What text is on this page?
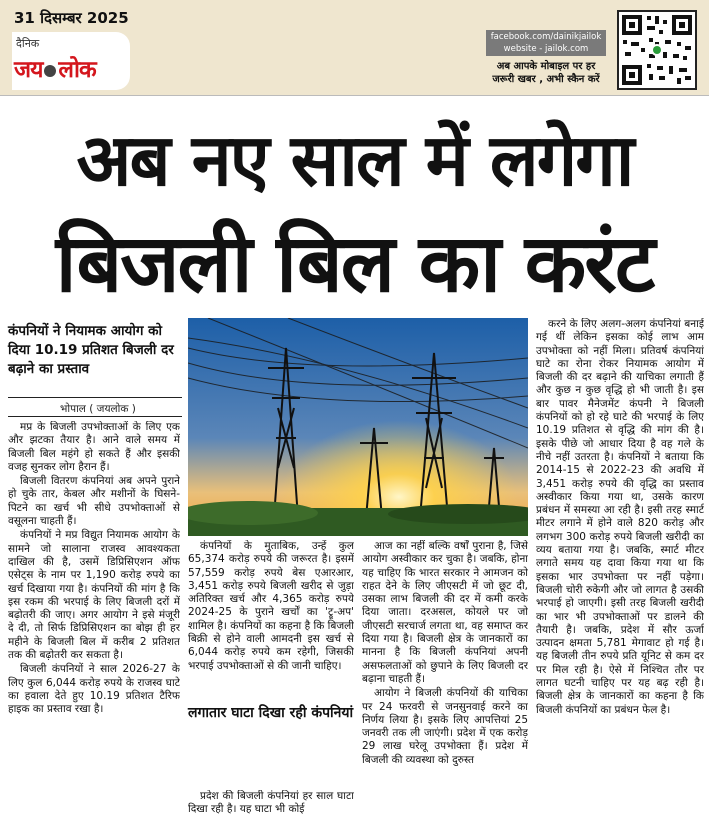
31 दिसम्बर 2025
दैनिक
जय लोक
facebook.com/dainikjailok
website - jailok.com
अब आपके मोबाइल पर हर
जरूरी खबर , अभी स्कैन करें
अब नए साल में लगेगा
बिजली बिल का करंट
कंपनियों ने नियामक आयोग को दिया 10.19 प्रतिशत बिजली दर बढ़ाने का प्रस्ताव
भोपाल ( जयलोक )

मप्र के बिजली उपभोक्ताओं के लिए एक और झटका तैयार है। आने वाले समय में बिजली बिल महंगे हो सकते हैं और इसकी वजह सुनकर लोग हैरान हैं।

बिजली वितरण कंपनियां अब अपने पुराने हो चुके तार, केबल और मशीनों के घिसने-पिटने का खर्च भी सीधे उपभोक्ताओं से वसूलना चाहती हैं।

कंपनियों ने मप्र विद्युत नियामक आयोग के सामने जो सालाना राजस्व आवश्यकता दाखिल की है, उसमें डिप्रिसिएशन ऑफ एसेट्स के नाम पर 1,190 करोड़ रुपये का खर्च दिखाया गया है। कंपनियों की मांग है कि इस रकम की भरपाई के लिए बिजली दरों में बढ़ोतरी की जाए। अगर आयोग ने इसे मंजूरी दे दी, तो सिर्फ डिप्रिसिएशन का बोझ ही हर महीने के बिजली बिल में करीब 2 प्रतिशत तक की बढ़ोतरी कर सकता है।

बिजली कंपनियों ने साल 2026-27 के लिए कुल 6,044 करोड़ रुपये के राजस्व घाटे का हवाला देते हुए 10.19 प्रतिशत टैरिफ हाइक का प्रस्ताव रखा है।

कंपनियों के मुताबिक, उन्हें कुल 65,374 करोड़ रुपये की जरूरत है। इसमें 57,559 करोड़ रुपये बेस एआरआर, 3,451 करोड़ रुपये बिजली खरीद से जुड़ा अतिरिक्त खर्च और 4,365 करोड़ रुपये 2024-25 के पुराने खर्चों का 'ट्रू-अप' शामिल है। कंपनियों का कहना है कि बिजली बिक्री से होने वाली आमदनी इस खर्च से 6,044 करोड़ रुपये कम रहेगी, जिसकी भरपाई उपभोक्ताओं से की जानी चाहिए।

लगातार घाटा दिखा रही कंपनियां

प्रदेश की बिजली कंपनियां हर साल घाटा दिखा रही है। यह घाटा भी कोई

आज का नहीं बल्कि वर्षों पुराना है, जिसे आयोग अस्वीकार कर चुका है। जबकि, होना यह चाहिए कि भारत सरकार ने आमजन को राहत देने के लिए जीएसटी में जो छूट दी, उसका लाभ बिजली की दर में कमी करके दिया जाता। दरअसल, कोयले पर जो जीएसटी सरचार्ज लगता था, वह समाप्त कर दिया गया है। बिजली क्षेत्र के जानकारों का मानना है कि बिजली कंपनियां अपनी असफलताओं को छुपाने के लिए बिजली दर बढ़ाना चाहती हैं।

आयोग ने बिजली कंपनियों की याचिका पर 24 फरवरी से जनसुनवाई करने का निर्णय लिया है। इसके लिए आपत्तियां 25 जनवरी तक ली जाएंगी। प्रदेश में एक करोड़ 29 लाख घरेलू उपभोक्ता हैं। प्रदेश में बिजली की व्यवस्था को दुरुस्त

करने के लिए अलग-अलग कंपनियां बनाई गई थीं लेकिन इसका कोई लाभ आम उपभोक्ता को नहीं मिला। प्रतिवर्ष कंपनियां घाटे का रोना रोकर नियामक आयोग में बिजली की दर बढ़ाने की याचिका लगाती हैं और कुछ न कुछ वृद्धि हो भी जाती है। इस बार पावर मैनेजमेंट कंपनी ने बिजली कंपनियों को हो रहे घाटे की भरपाई के लिए 10.19 प्रतिशत से वृद्धि की मांग की है। इसके पीछे जो आधार दिया है वह गले के नीचे नहीं उतरता है। कंपनियों ने बताया कि 2014-15 से 2022-23 की अवधि में 3,451 करोड़ रुपये की वृद्धि का प्रस्ताव अस्वीकार किया गया था, उसके कारण प्रबंधन में समस्या आ रही है। इसी तरह स्मार्ट मीटर लगाने में होने वाले 820 करोड़ और लगभग 300 करोड़ रुपये बिजली खरीदी का व्यय बताया गया है। जबकि, स्मार्ट मीटर लगाते समय यह दावा किया गया था कि इसका भार उपभोक्ता पर नहीं पड़ेगा। बिजली चोरी रुकेगी और जो लागत है उसकी भरपाई हो जाएगी। इसी तरह बिजली खरीदी का भार भी उपभोक्ताओं पर डालने की तैयारी है। जबकि, प्रदेश में सौर ऊर्जा उत्पादन क्षमता 5,781 मेगावाट हो गई है। यह बिजली तीन रुपये प्रति यूनिट से कम दर पर मिल रही है। ऐसे में निश्चित तौर पर लागत घटनी चाहिए पर यह बढ़ रही है। बिजली क्षेत्र के जानकारों का कहना है कि बिजली कंपनियों का प्रबंधन फेल है।
